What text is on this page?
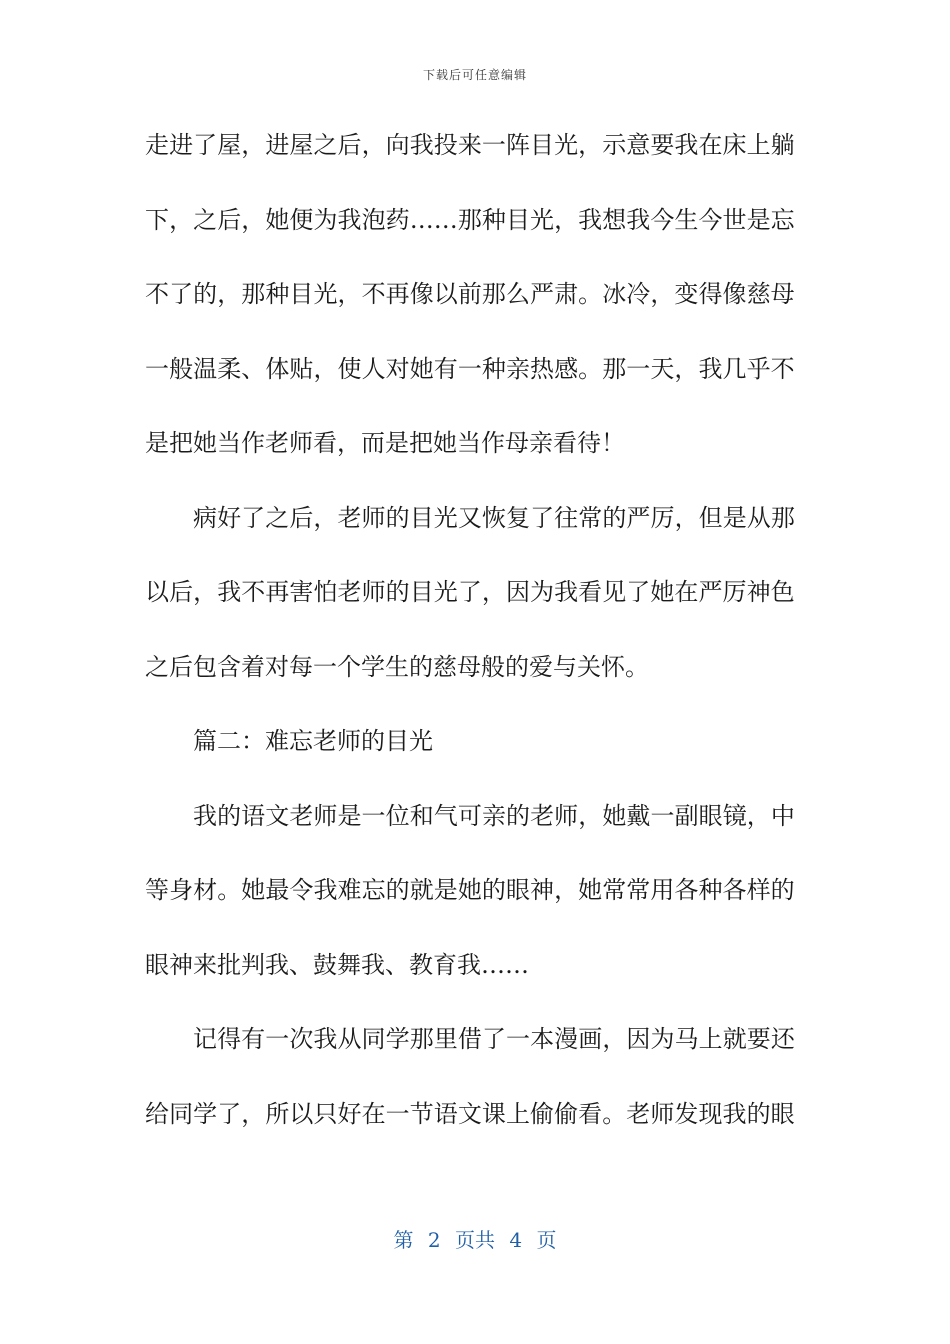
下载后可任意编辑
走 进 了 屋 ， 进 屋 之 后 ， 向 我 投 来 一 阵 目 光 ， 示 意 要 我 在 床 上 躺
下 ， 之 后 ， 她 便 为 我 泡 药 … … 那 种 目 光 ， 我 想 我 今 生 今 世 是 忘
不 了 的 ， 那 种 目 光 ， 不 再 像 以 前 那 么 严 肃 。 冰 冷 ， 变 得 像 慈 母
一 般 温 柔 、 体 贴 ， 使 人 对 她 有 一 种 亲 热 感 。 那 一 天 ， 我 几 乎 不
是把她当作老师看，而是把她当作母亲看待！
病 好 了 之 后 ， 老 师 的 目 光 又 恢 复 了 往 常 的 严 厉 ， 但 是 从 那
以 后 ， 我 不 再 害 怕 老 师 的 目 光 了 ， 因 为 我 看 见 了 她 在 严 厉 神 色
之后包含着对每一个学生的慈母般的爱与关怀。
篇二：难忘老师的目光
我 的 语 文 老 师 是 一 位 和 气 可 亲 的 老 师 ， 她 戴 一 副 眼 镜 ， 中
等 身 材 。 她 最 令 我 难 忘 的 就 是 她 的 眼 神 ， 她 常 常 用 各 种 各 样 的
眼神来批判我、鼓舞我、教育我……
记 得 有 一 次 我 从 同 学 那 里 借 了 一 本 漫 画 ， 因 为 马 上 就 要 还
给 同 学 了 ， 所 以 只 好 在 一 节 语 文 课 上 偷 偷 看 。 老 师 发 现 我 的 眼
第 2 页共 4 页
